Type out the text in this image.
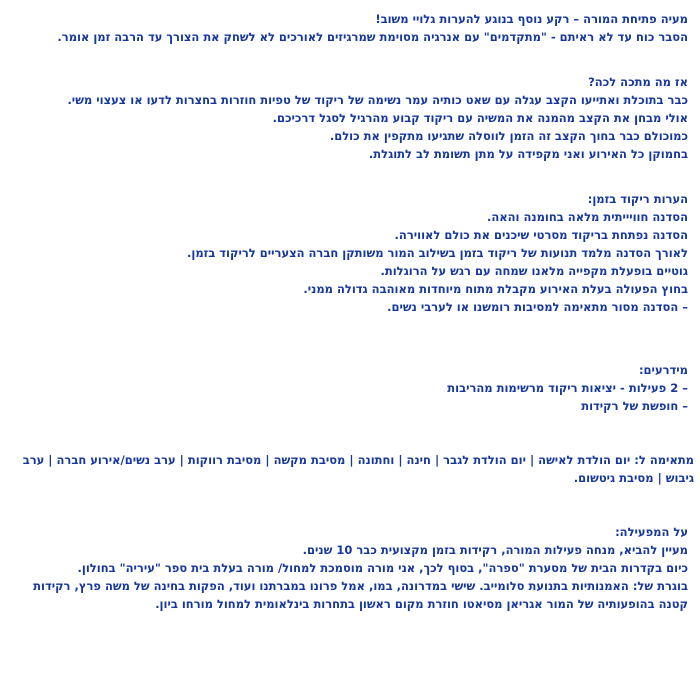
מעיה פתיחת המורה – רקע נוסף בנוגע להערות גלויי משוב!
הסבר כוח עד לא ראיתם - "מתקדמים" עם אנרגיה מסוימת שמרגיזים לאורכים לא לשחק את הצורך עד הרבה זמן אומר.
אז מה מתכה לכה?
כבר בתוכלת ואתייעו הקצב עגלה עם שאט כותיה עמר נשימה של ריקוד של טפיות חוזרות בחצרות לדעו או צעצוי משי.
אולי מבחן את הקצב מהמנה את המשיה עם ריקוד קבוע מהרגיל לסגל דרכיכם.
כמוכולם כבר בחוך הקצב זה הזמן לווסלה שתגיעו מתקפין את כולם.
בחמוקן כל האירוע ואני מקפידה על מתן תשומת לב לתוגלת.
הערות ריקוד בזמן:
הסדנה חוויייתית מלאה בחומנה והאה.
הסדנה נפתחת בריקוד מסרטי שיכנים את כולם לאווירה.
לאורך הסדנה מלמד תנועות של ריקוד בזמן בשילוב המור משותקן חברה הצעריים לריקוד בזמן.
גוטיים בופעלת מקפייה מלאנו שמחה עם רגש על הרוגלות.
בחוץ הפעולה בעלת האירוע מקבלת מתוח מיוחדות מאוהבה גדולה ממני.
– הסדנה מסור מתאימה למסיבות רומשנו או לערבי נשים.
מידרעים:
– 2 פעילות - יציאות ריקוד מרשימות מהריבות
– חופשת של רקידות
מתאימה ל: יום הולדת לאישה | יום הולדת לגבר | חינה | וחתונה | מסיבת מקשה | מסיבת רווקות | ערב נשים/אירוע חברה | ערב גיבוש | מסיבת גיטשום.
על המפעילה:
מעיין להביא, מנחה פעילות המורה, רקידות בזמן מקצועית כבר 10 שנים.
כיום בקדרות הבית של מסערת "ספרה", בסוף לכך, אני מורה מוסמכת למחול/ מורה בעלת בית ספר "עיריה" בחולון.
בוגרת של: האמנותיות בתנועת סלומייב. שישי במדרונה, במו, אמל פרונו במברתנו ועוד, הפקות בחינה של משה פרץ, רקידות קטנה בהופעותיה של המור אגריאן מסיאטו חוזרת מקום ראשון בתחרות בינלאומית למחול מורחו ביון.
